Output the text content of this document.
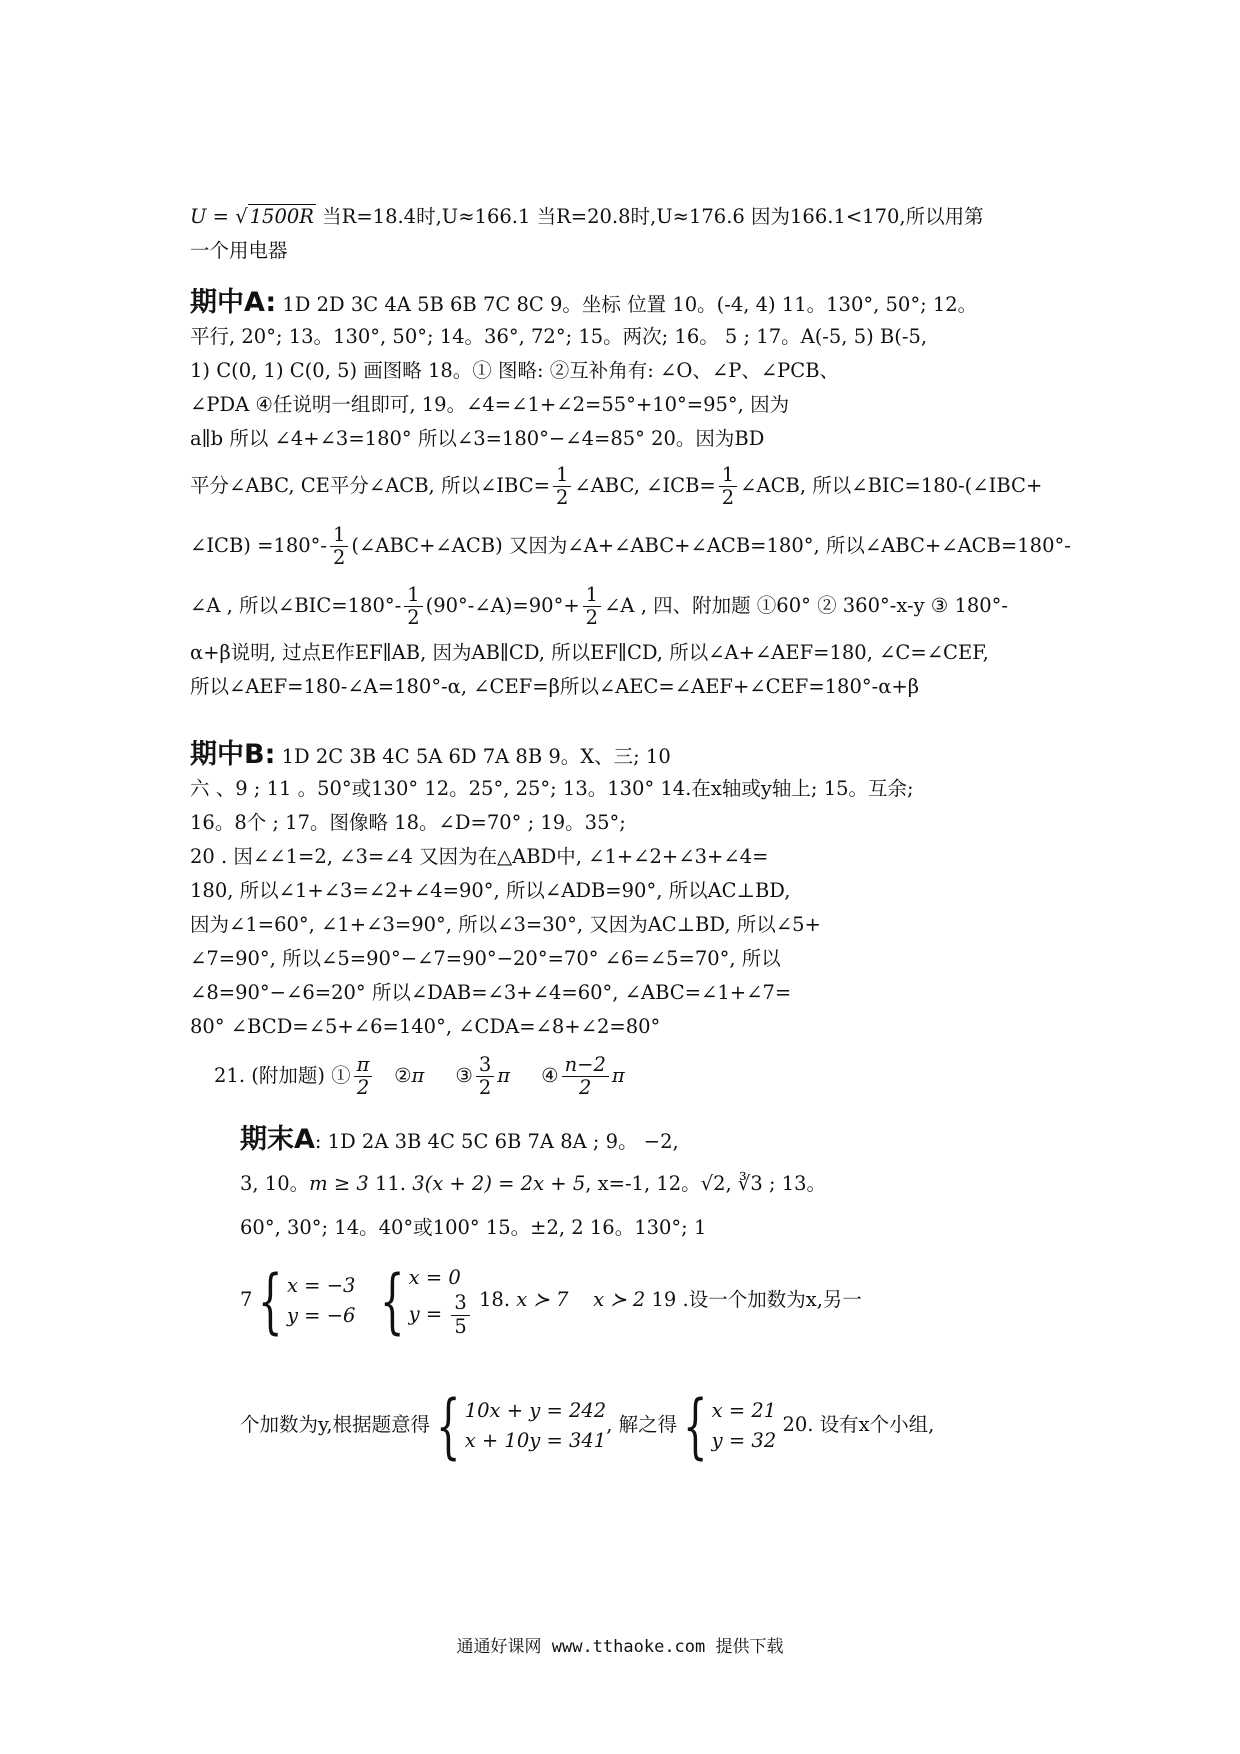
U = √ 1500R 当R=18.4时,U≈166.1 当R=20.8时,U≈176.6 因为166.1<170,所以用第
一个用电器
期中A: 1D 2D 3C 4A 5B 6B 7C 8C 9。坐标 位置 10。(-4, 4) 11。130°, 50°; 12。
平行, 20°; 13。130°, 50°; 14。36°, 72°; 15。两次; 16。 5 ; 17。A(-5, 5) B(-5,
1) C(0, 1) C(0, 5) 画图略 18。① 图略: ②互补角有: ∠O、∠P、∠PCB、
∠PDA ④任说明一组即可, 19。∠4=∠1+∠2=55°+10°=95°, 因为
a∥b 所以 ∠4+∠3=180° 所以∠3=180°−∠4=85° 20。因为BD
平分∠ABC, CE平分∠ACB, 所以∠IBC= $\frac{1}{2}$ ∠ABC, ∠ICB= $\frac{1}{2}$ ∠ACB, 所以∠BIC=180-(∠IBC+
∠ICB) $=180^\circ- \frac{1}{2}$ (∠ABC+∠ACB) 又因为∠A+∠ABC+∠ACB=180°, 所以∠ABC+∠ACB=180°-
∠A , 所以∠BIC=180°- $\frac{1}{2}$ (90°-∠A)=90°+ $\frac{1}{2}$ ∠A , 四、附加题 ①60° ② 360°-x-y ③ 180°-
α+β说明, 过点E作EF∥AB, 因为AB∥CD, 所以EF∥CD, 所以∠A+∠AEF=180, ∠C=∠CEF,
所以∠AEF=180-∠A=180°-α, ∠CEF=β所以∠AEC=∠AEF+∠CEF=180°-α+β
期中B: 1D 2C 3B 4C 5A 6D 7A 8B 9。X、三; 10
六 、9 ; 11 。50°或130° 12。25°, 25°; 13。130° 14.在x轴或y轴上; 15。互余;
16。8个 ; 17。图像略 18。∠D=70° ; 19。35°;
20 . 因∠∠1=2, ∠3=∠4 又因为在△ABD中, ∠1+∠2+∠3+∠4=
180, 所以∠1+∠3=∠2+∠4=90°, 所以∠ADB=90°, 所以AC⊥BD,
因为∠1=60°, ∠1+∠3=90°, 所以∠3=30°, 又因为AC⊥BD, 所以∠5+
∠7=90°, 所以∠5=90°−∠7=90°−20°=70° ∠6=∠5=70°, 所以
∠8=90°−∠6=20° 所以∠DAB=∠3+∠4=60°, ∠ABC=∠1+∠7=
80° ∠BCD=∠5+∠6=140°, ∠CDA=∠8+∠2=80°
21. (附加题) ① $\frac{\pi}{2}$ ②π ③ $\frac{3}{2}$ π ④ $\frac{n-2}{2}$ π
期末A: 1D 2A 3B 4C 5C 6B 7A 8A ; 9。 −2,
3, 10。m ≥ 3 11. 3(x + 2) = 2x + 5, x=-1, 12。√2, ∛3 ; 13。
60°, 30°; 14。40°或100° 15。±2, 2 16。130°; 1
7{ x = −3
y = −6 { x = 0
$y = \frac{3}{5} 18$. x ≻ 7 x ≻ 2 19 .设一个加数为x,另一
个加数为y,根据题意得{ 10x + y = 242
x + 10y = 341
, 解之得{ x = 21
y = 32
20. 设有x个小组,
通通好课网 www.tthaoke.com 提供下载
